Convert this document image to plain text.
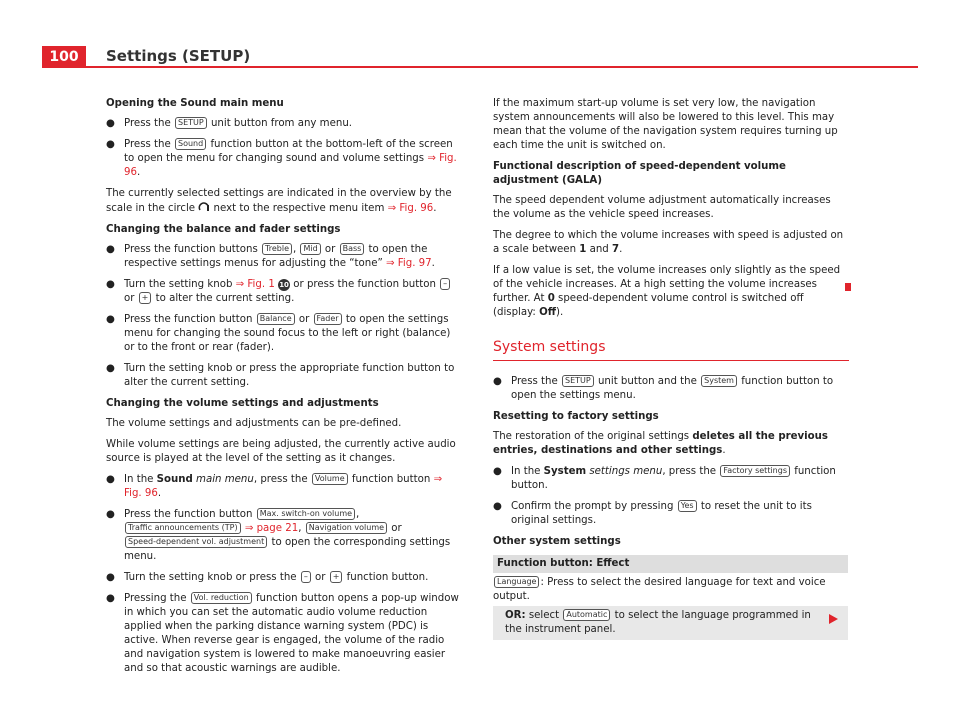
100	Settings (SETUP)

Opening the Sound main menu

● Press the SETUP unit button from any menu.
● Press the Sound function button at the bottom-left of the screen to open the menu for changing sound and volume settings ⇒ Fig. 96.

The currently selected settings are indicated in the overview by the scale in the circle  next to the respective menu item ⇒ Fig. 96.

Changing the balance and fader settings

● Press the function buttons Treble , Mid or Bass to open the respective settings menus for adjusting the “tone” ⇒ Fig. 97.
● Turn the setting knob ⇒ Fig. 1 10 or press the function button – or + to alter the current setting.
● Press the function button Balance or Fader to open the settings menu for changing the sound focus to the left or right (balance) or to the front or rear (fader).
● Turn the setting knob or press the appropriate function button to alter the current setting.

Changing the volume settings and adjustments

The volume settings and adjustments can be pre-defined.

While volume settings are being adjusted, the currently active audio source is played at the level of the setting as it changes.

● In the Sound main menu, press the Volume function button ⇒ Fig. 96.
● Press the function button Max. switch-on volume , Traffic announcements (TP) ⇒ page 21, Navigation volume or Speed-dependent vol. adjustment to open the corresponding settings menu.
● Turn the setting knob or press the – or + function button.
● Pressing the Vol. reduction function button opens a pop-up window in which you can set the automatic audio volume reduction applied when the parking distance warning system (PDC) is active. When reverse gear is engaged, the volume of the radio and navigation system is lowered to make manoeuvring easier and so that acoustic warnings are audible.

If the maximum start-up volume is set very low, the navigation system announcements will also be lowered to this level. This may mean that the volume of the navigation system requires turning up each time the unit is switched on.

Functional description of speed-dependent volume adjustment (GALA)

The speed dependent volume adjustment automatically increases the volume as the vehicle speed increases.

The degree to which the volume increases with speed is adjusted on a scale between 1 and 7.

If a low value is set, the volume increases only slightly as the speed of the vehicle increases. At a high setting the volume increases further. At 0 speed-dependent volume control is switched off (display: Off).

System settings
● Press the SETUP unit button and the System function button to open the settings menu.

Resetting to factory settings

The restoration of the original settings deletes all the previous entries, destinations and other settings.

● In the System settings menu, press the Factory settings function button.
● Confirm the prompt by pressing Yes to reset the unit to its original settings.

Other system settings

Function button: Effect
Language : Press to select the desired language for text and voice output.
OR: select Automatic to select the language programmed in the instrument panel.
